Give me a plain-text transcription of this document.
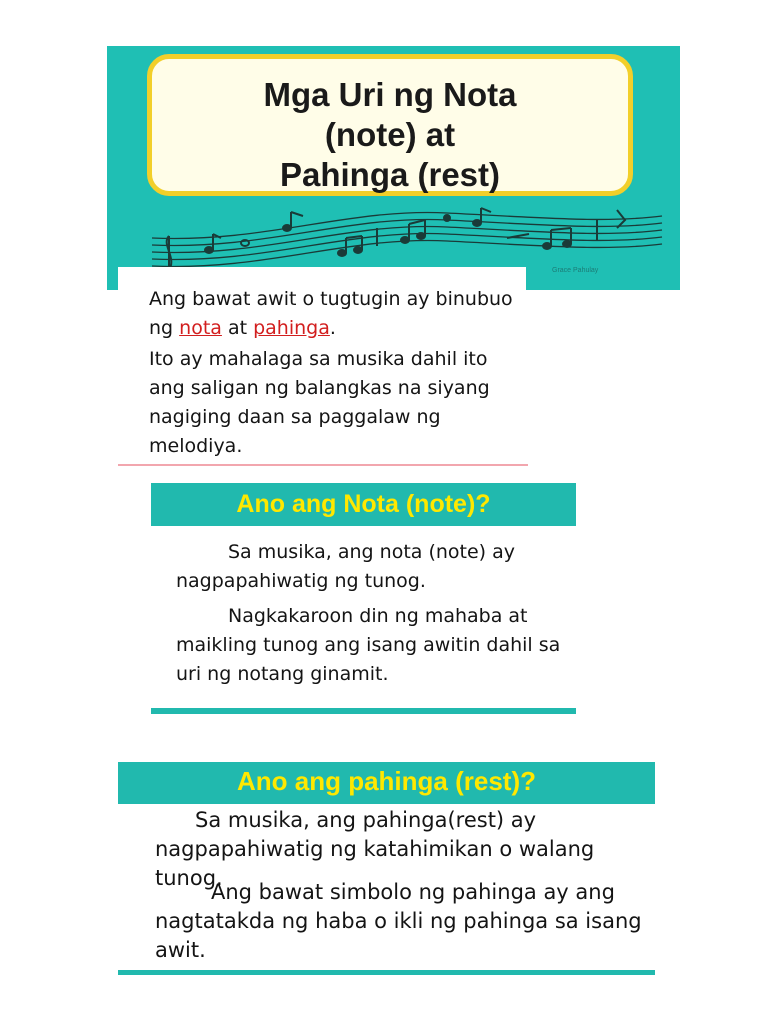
Mga Uri ng Nota
(note) at
Pahinga (rest)
Grace Pahulay

Ang bawat awit o tugtugin ay binubuo ng nota at pahinga.

Ito ay mahalaga sa musika dahil ito ang saligan ng balangkas na siyang nagiging daan sa paggalaw ng melodiya.

Ano ang Nota (note)?

Sa musika, ang nota (note) ay nagpapahiwatig ng tunog.

Nagkakaroon din ng mahaba at maikling tunog ang isang awitin dahil sa uri ng notang ginamit.

Ano ang pahinga (rest)?

Sa musika, ang pahinga(rest) ay nagpapahiwatig ng katahimikan o walang tunog.

Ang bawat simbolo ng pahinga ay ang nagtatakda ng haba o ikli ng pahinga sa isang awit.
